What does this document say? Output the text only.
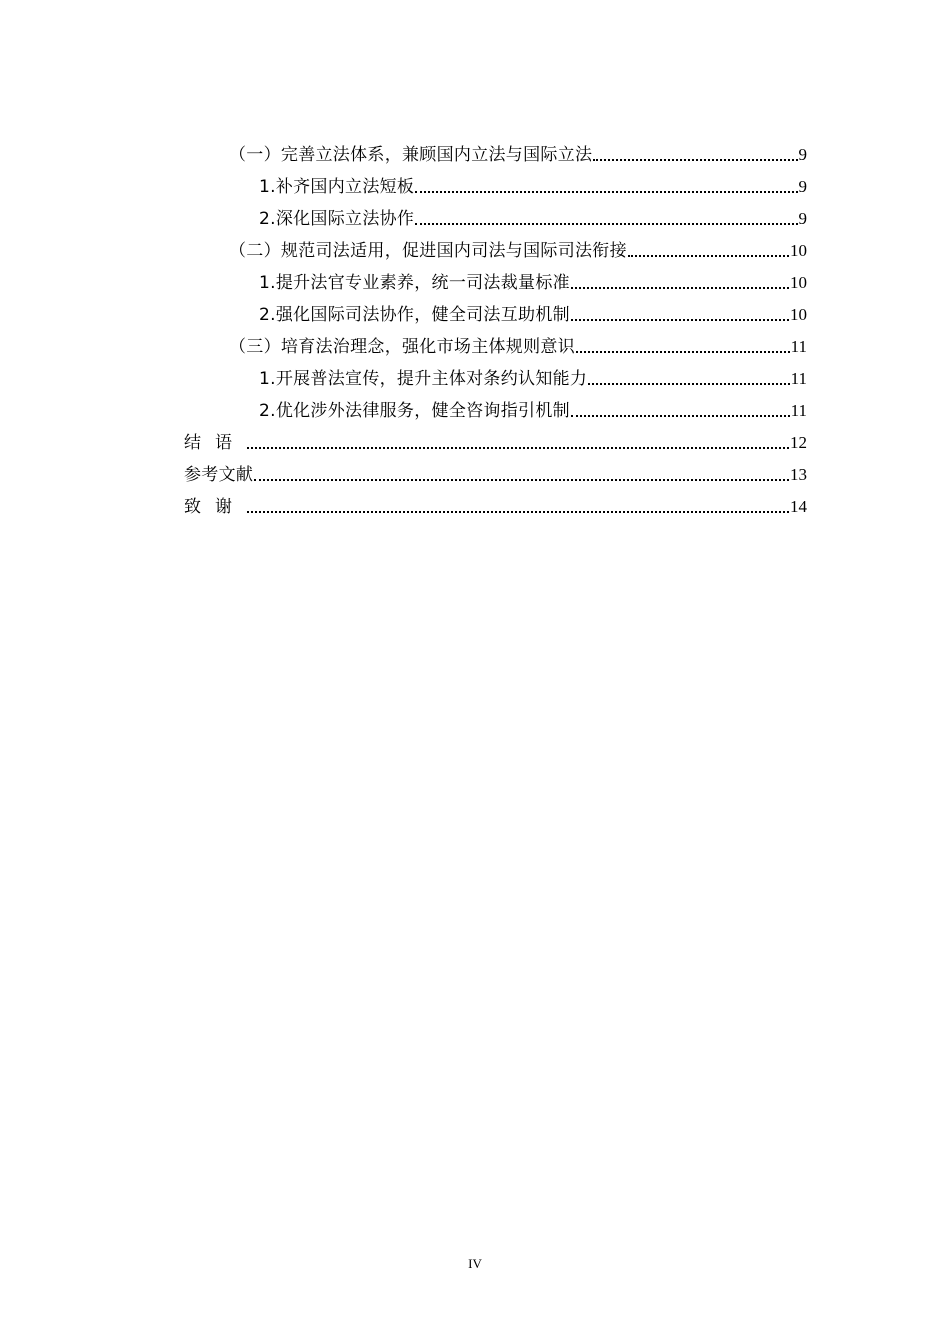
（一）完善立法体系，兼顾国内立法与国际立法	9
1.补齐国内立法短板	9
2.深化国际立法协作	9
（二）规范司法适用，促进国内司法与国际司法衔接	10
1.提升法官专业素养，统一司法裁量标准	10
2.强化国际司法协作，健全司法互助机制	10
（三）培育法治理念，强化市场主体规则意识	11
1.开展普法宣传，提升主体对条约认知能力	11
2.优化涉外法律服务，健全咨询指引机制	11
结语	12
参考文献	13
致谢	14
IV
